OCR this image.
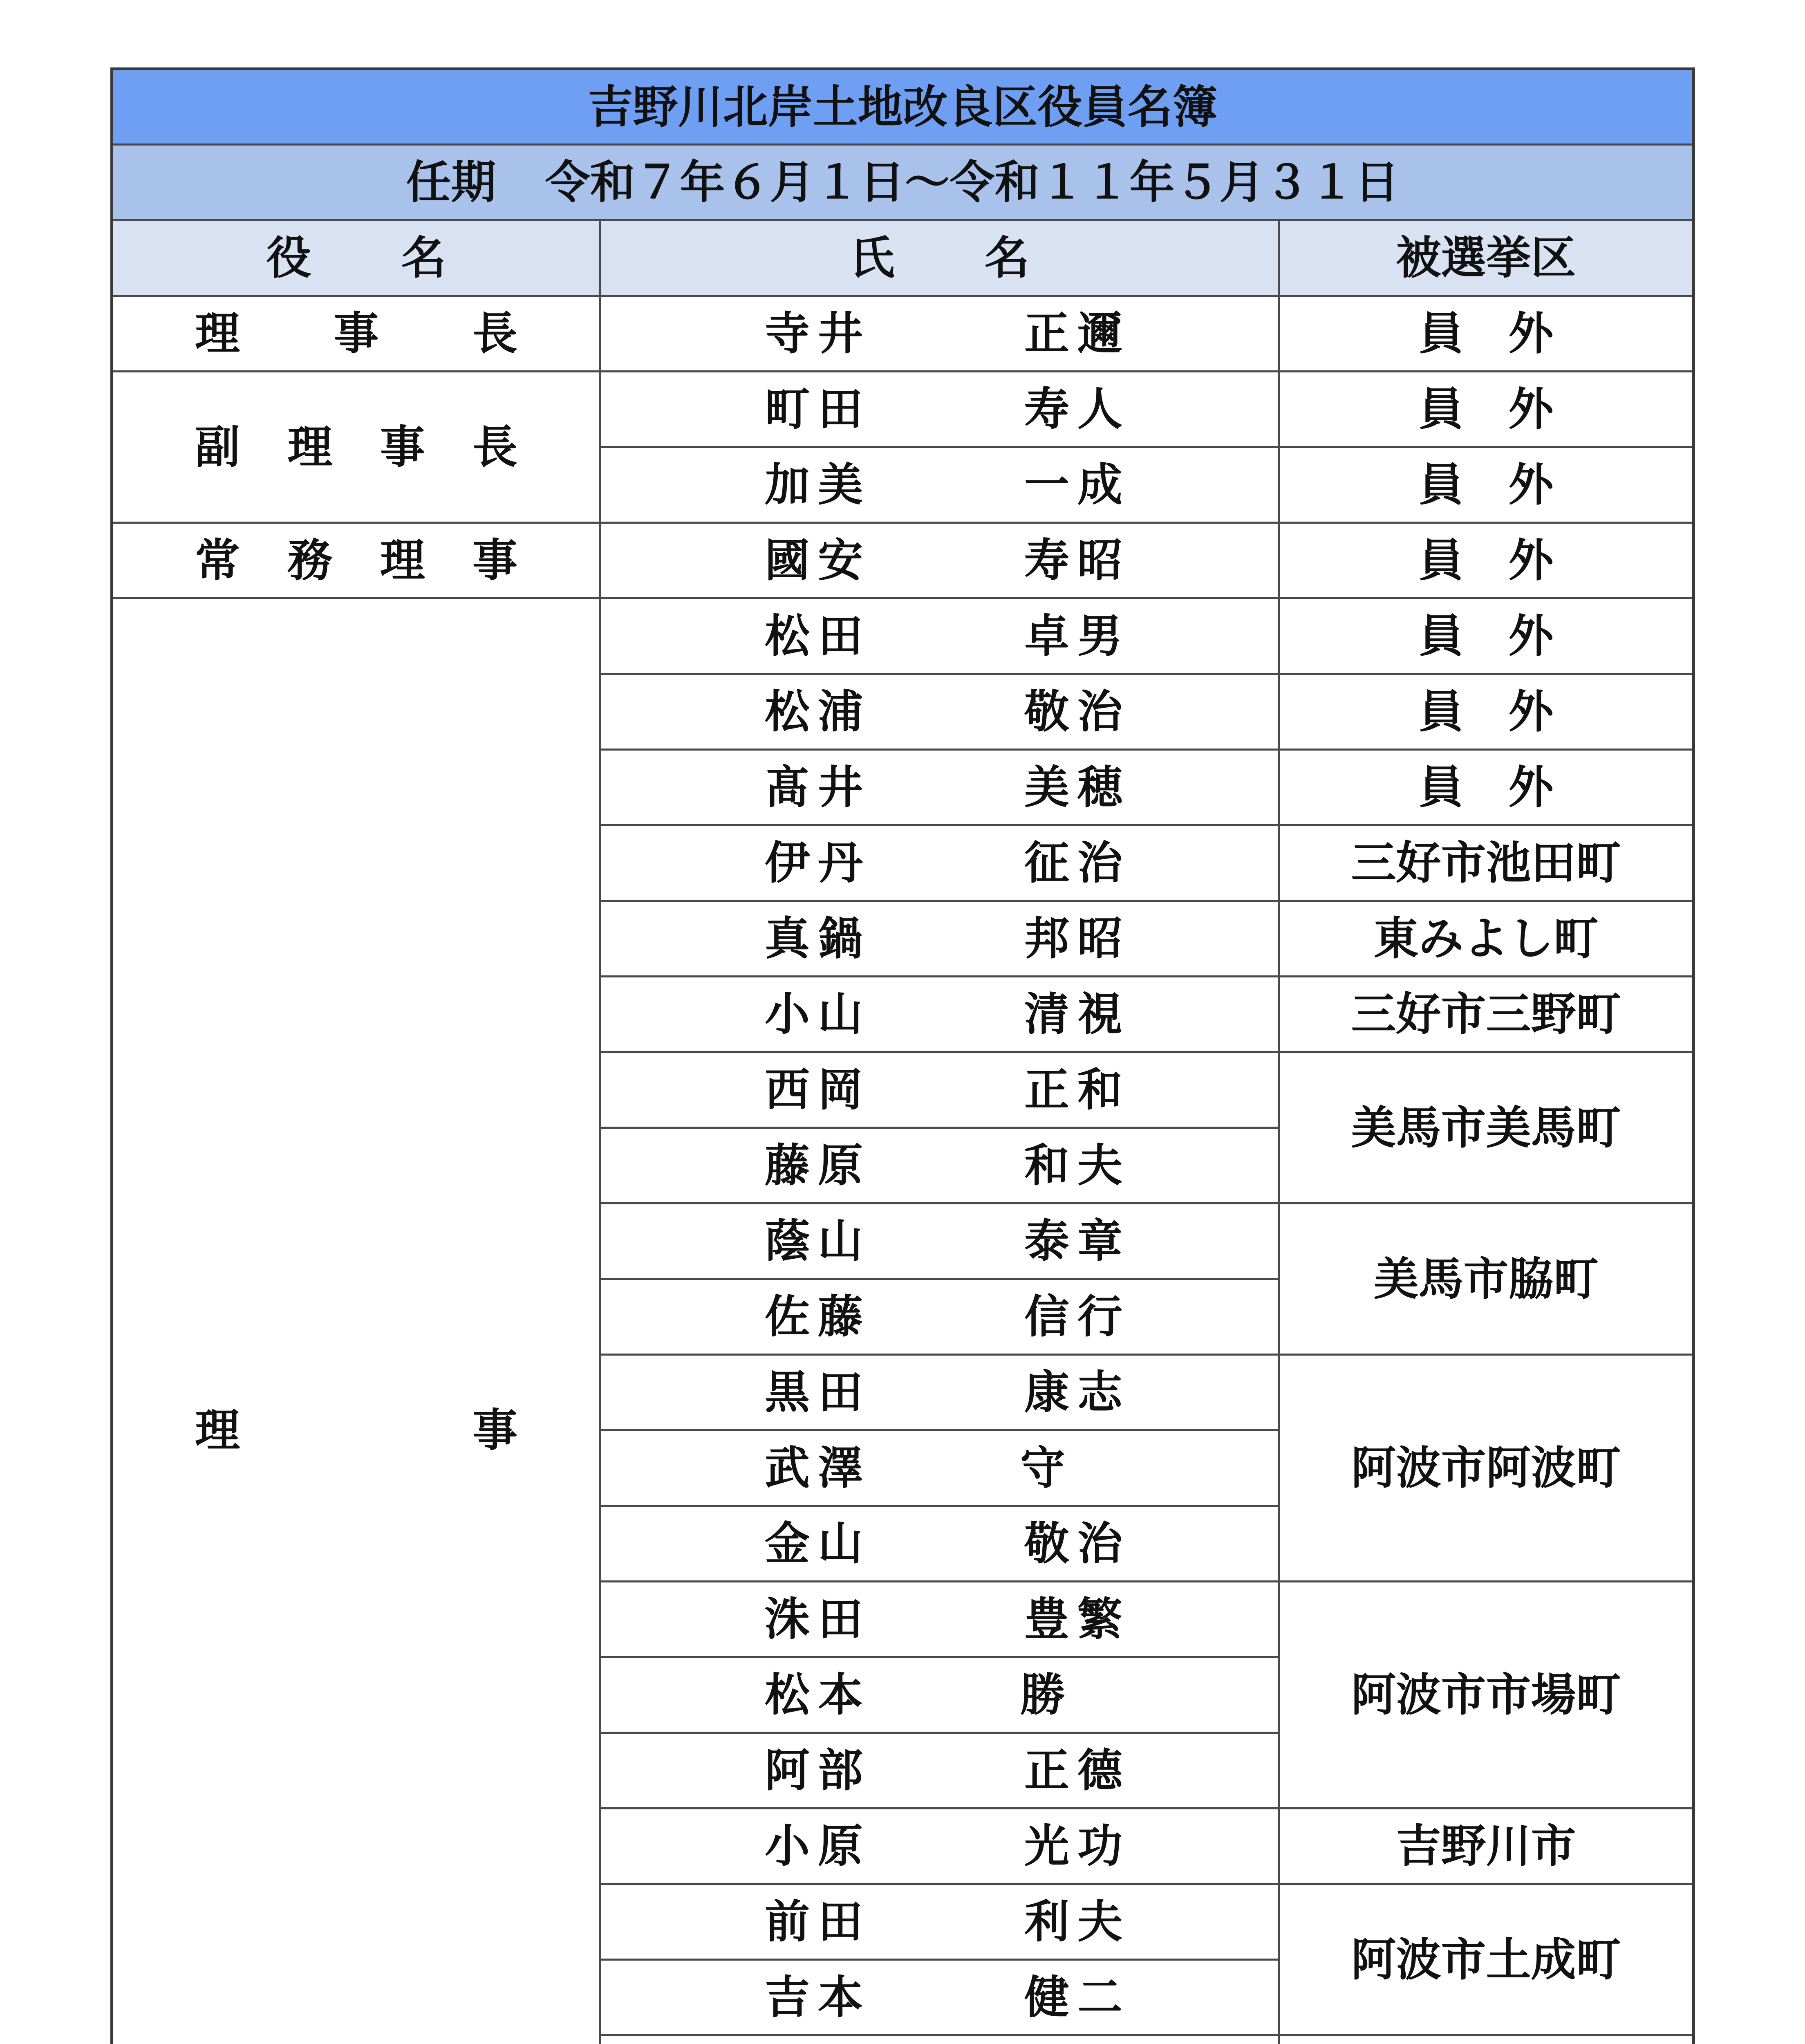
吉野川北岸土地改良区役員名簿		
任期 令和７年６月１日～令和１１年５月３１日		
役　　名	氏　　名	被選挙区

理 事 長	寺 井 正 邇	員　外

副 理 事 長	町 田 寿 人	員　外

	加 美 一 成	員　外

常 務 理 事	國 安 寿 昭	員　外

理 事	松 田 卓 男	員　外

	松 浦 敬 治	員　外

	髙 井 美 穂	員　外

	伊 丹 征 治	三好市池田町

	真 鍋 邦 昭	東みよし町

	小 山 清 視	三好市三野町

	西 岡 正 和	美馬市美馬町

	藤 原 和 夫	

	蔭 山 泰 章	美馬市脇町

	佐 藤 信 行	

	黒 田 康 志	阿波市阿波町

	武 澤 守	

	金 山 敬 治	

	洙 田 豊 繁	阿波市市場町

	松 本 勝	

	阿 部 正 德	

	小 原 光 功	吉野川市

	前 田 利 夫	阿波市土成町

	吉 本 健 二	
